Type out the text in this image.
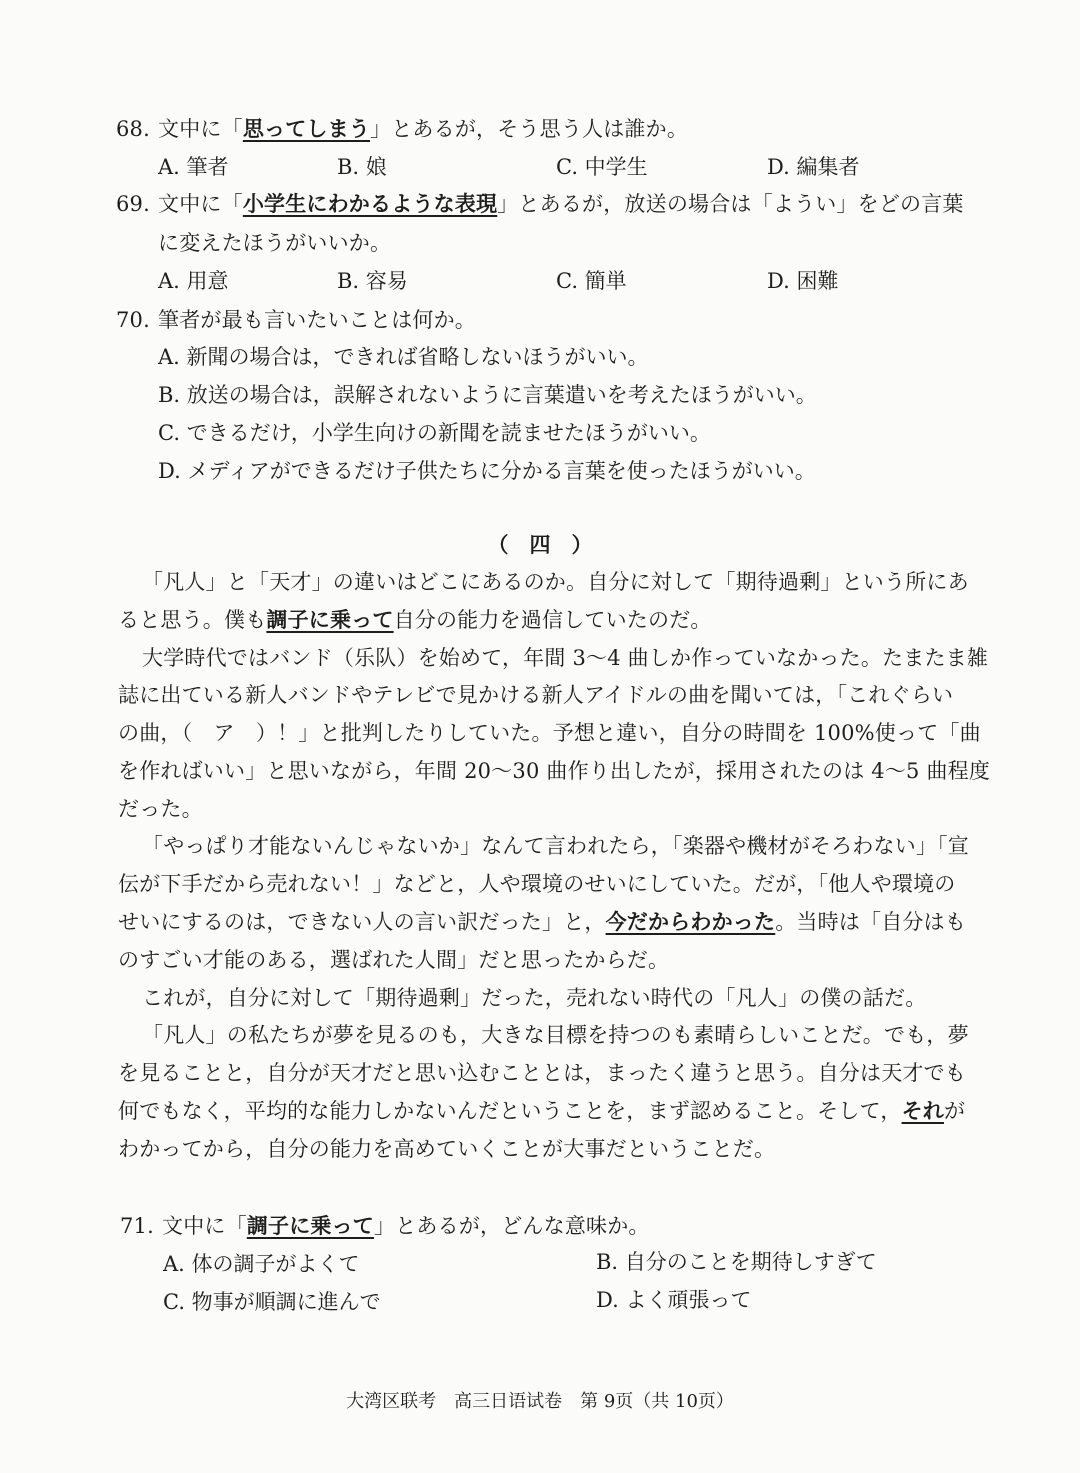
68. 文中に「思ってしまう」とあるが，そう思う人は誰か。
A. 筆者	B. 娘	C. 中学生	D. 編集者
69. 文中に「小学生にわかるような表現」とあるが，放送の場合は「ようい」をどの言葉
に変えたほうがいいか。
A. 用意	B. 容易	C. 簡単	D. 困難
70. 筆者が最も言いたいことは何か。
A. 新聞の場合は，できれば省略しないほうがいい。
B. 放送の場合は，誤解されないように言葉遣いを考えたほうがいい。
C. できるだけ，小学生向けの新聞を読ませたほうがいい。
D. メディアができるだけ子供たちに分かる言葉を使ったほうがいい。
（　四　）
「凡人」と「天才」の違いはどこにあるのか。自分に対して「期待過剰」という所にあ
ると思う。僕も調子に乗って自分の能力を過信していたのだ。
大学時代ではバンド（乐队）を始めて，年間 3～4 曲しか作っていなかった。たまたま雑
誌に出ている新人バンドやテレビで見かける新人アイドルの曲を聞いては，「これぐらい
の曲，（　ア　）！」と批判したりしていた。予想と違い，自分の時間を 100%使って「曲
を作ればいい」と思いながら，年間 20～30 曲作り出したが，採用されたのは 4～5 曲程度
だった。
「やっぱり才能ないんじゃないか」なんて言われたら，「楽器や機材がそろわない」「宣
伝が下手だから売れない！」などと，人や環境のせいにしていた。だが，「他人や環境の
せいにするのは，できない人の言い訳だった」と，今だからわかった。当時は「自分はも
のすごい才能のある，選ばれた人間」だと思ったからだ。
これが，自分に対して「期待過剰」だった，売れない時代の「凡人」の僕の話だ。
「凡人」の私たちが夢を見るのも，大きな目標を持つのも素晴らしいことだ。でも，夢
を見ることと，自分が天才だと思い込むこととは，まったく違うと思う。自分は天才でも
何でもなく，平均的な能力しかないんだということを，まず認めること。そして，それが
わかってから，自分の能力を高めていくことが大事だということだ。
71. 文中に「調子に乗って」とあるが，どんな意味か。
A. 体の調子がよくて	B. 自分のことを期待しすぎて
C. 物事が順調に進んで	D. よく頑張って
大湾区联考　高三日语试卷　第 9页（共 10页）
